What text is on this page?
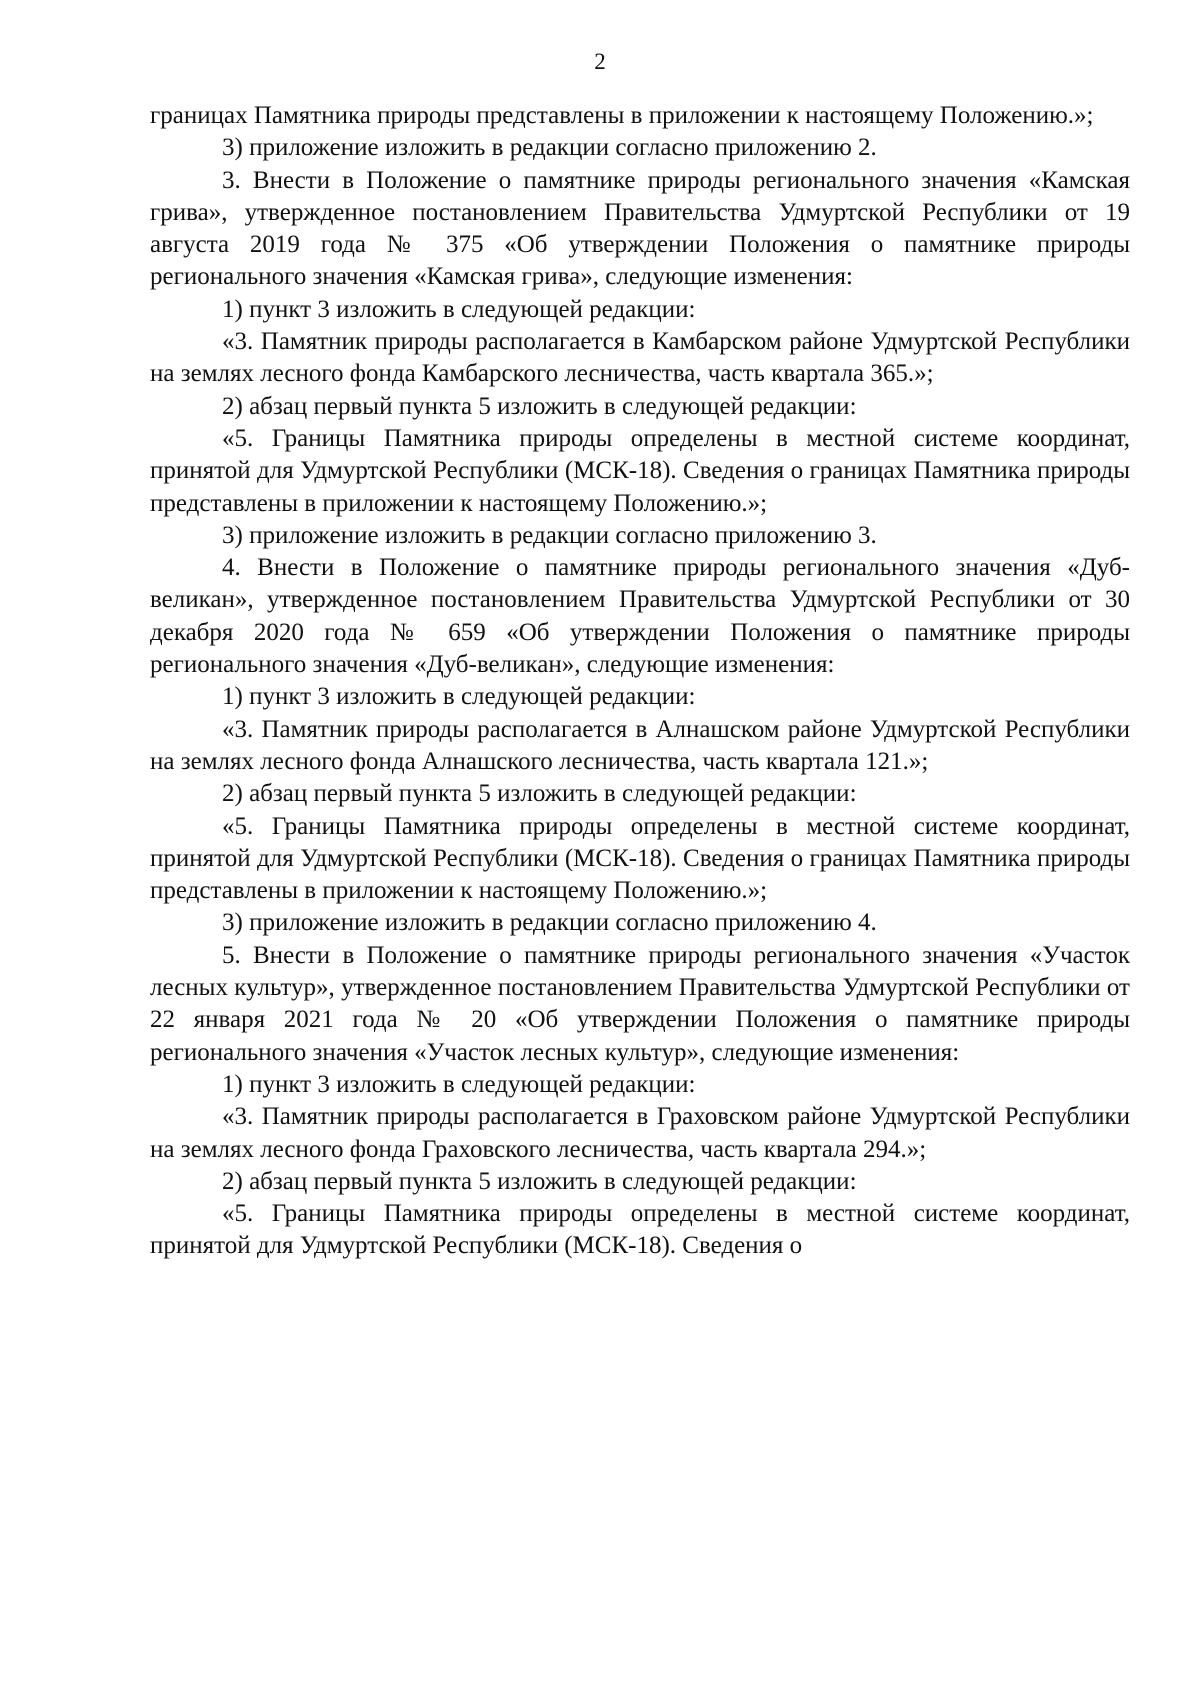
2

границах Памятника природы представлены в приложении к настоящему Положению.»;

3) приложение изложить в редакции согласно приложению 2.

3. Внести в Положение о памятнике природы регионального значения «Камская грива», утвержденное постановлением Правительства Удмуртской Республики от 19 августа 2019 года № 375 «Об утверждении Положения о памятнике природы регионального значения «Камская грива», следующие изменения:

1) пункт 3 изложить в следующей редакции:

«3. Памятник природы располагается в Камбарском районе Удмуртской Республики на землях лесного фонда Камбарского лесничества, часть квартала 365.»;

2) абзац первый пункта 5 изложить в следующей редакции:

«5. Границы Памятника природы определены в местной системе координат, принятой для Удмуртской Республики (МСК-18). Сведения о границах Памятника природы представлены в приложении к настоящему Положению.»;

3) приложение изложить в редакции согласно приложению 3.

4. Внести в Положение о памятнике природы регионального значения «Дуб-великан», утвержденное постановлением Правительства Удмуртской Республики от 30 декабря 2020 года № 659 «Об утверждении Положения о памятнике природы регионального значения «Дуб-великан», следующие изменения:

1) пункт 3 изложить в следующей редакции:

«3. Памятник природы располагается в Алнашском районе Удмуртской Республики на землях лесного фонда Алнашского лесничества, часть квартала 121.»;

2) абзац первый пункта 5 изложить в следующей редакции:

«5. Границы Памятника природы определены в местной системе координат, принятой для Удмуртской Республики (МСК-18). Сведения о границах Памятника природы представлены в приложении к настоящему Положению.»;

3) приложение изложить в редакции согласно приложению 4.

5. Внести в Положение о памятнике природы регионального значения «Участок лесных культур», утвержденное постановлением Правительства Удмуртской Республики от 22 января 2021 года № 20 «Об утверждении Положения о памятнике природы регионального значения «Участок лесных культур», следующие изменения:

1) пункт 3 изложить в следующей редакции:

«3. Памятник природы располагается в Граховском районе Удмуртской Республики на землях лесного фонда Граховского лесничества, часть квартала 294.»;

2) абзац первый пункта 5 изложить в следующей редакции:

«5. Границы Памятника природы определены в местной системе координат, принятой для Удмуртской Республики (МСК-18). Сведения о
